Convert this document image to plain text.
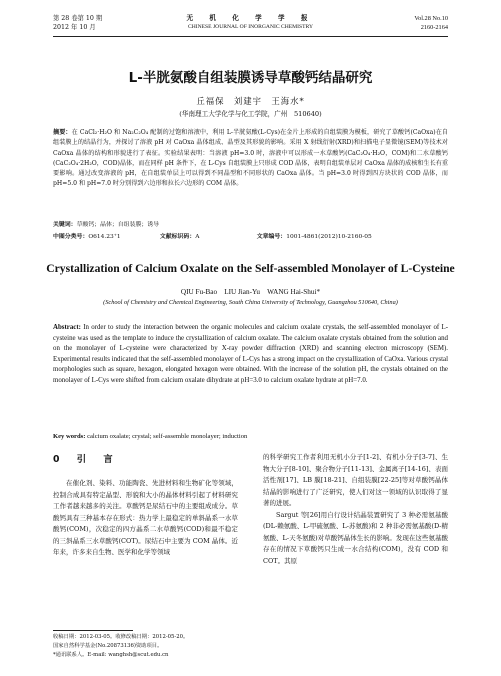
第 28 卷第 10 期
2012 年 10 月
无 机 化 学 学 报
CHINESE JOURNAL OF INORGANIC CHEMISTRY
Vol.28 No.10
2160-2164
L-半胱氨酸自组装膜诱导草酸钙结晶研究
丘福保　刘建宇　王海水*
(华南理工大学化学与化工学院，广州　510640)
摘要：在 CaCl₂·H₂O 和 Na₂C₂O₄ 配制的过饱和溶液中，利用 L-半胱氨酸(L-Cys)在金片上形成的自组装膜为模板，研究了草酸钙(CaOxa)在自组装膜上的结晶行为，并探讨了溶液 pH 对 CaOxa 晶体组成、晶型及其形貌的影响。采用 X 射线衍射(XRD)和扫描电子显微镜(SEM)等技术对 CaOxa 晶体的结构和形貌进行了表征。实验结果表明：当溶液 pH=3.0 时，溶液中可以形成一水草酸钙(CaC₂O₄·H₂O，COM)和二水草酸钙(CaC₂O₄·2H₂O，COD)晶体，而在同样 pH 条件下，在 L-Cys 自组装膜上只形成 COD 晶体，表明自组装单层对 CaOxa 晶体的成核和生长有重要影响。通过改变溶液的 pH，在自组装单层上可以得到不同晶型和不同形状的 CaOxa 晶体。当 pH=3.0 时得到四方块状的 COD 晶体，而 pH=5.0 和 pH=7.0 时分别得到六边形和拉长六边形的 COM 晶体。
关键词：草酸钙；晶体；自组装膜；诱导
中图分类号：O614.23⁺1	文献标识码：A	文章编号：1001-4861(2012)10-2160-05
Crystallization of Calcium Oxalate on the Self-assembled Monolayer of L-Cysteine
QIU Fu-Bao　LIU Jian-Yu　WANG Hai-Shui*
(School of Chemistry and Chemical Engineering, South China University of Technology, Guangzhou 510640, China)
Abstract: In order to study the interaction between the organic molecules and calcium oxalate crystals, the self-assembled monolayer of L-cysteine was used as the template to induce the crystallization of calcium oxalate. The calcium oxalate crystals obtained from the solution and on the monolayer of L-cysteine were characterized by X-ray powder diffraction (XRD) and scanning electron microscopy (SEM). Experimental results indicated that the self-assembled monolayer of L-Cys has a strong impact on the crystallization of CaOxa. Various crystal morphologies such as square, hexagon, elongated hexagon were obtained. With the increase of the solution pH, the crystals obtained on the monolayer of L-Cys were shifted from calcium oxalate dihydrate at pH=3.0 to calcium oxalate hydrate at pH=7.0.
Key words: calcium oxalate; crystal; self-assemble monolayer; induction
0　引　言

在催化剂、染料、功能陶瓷、先进材料和生物矿化等领域，控制合成具有特定晶型、形貌和大小的晶体材料引起了材料研究工作者越来越多的关注。草酸钙是尿结石中的主要组成成分。草酸钙具有三种基本存在形式：热力学上最稳定的单斜晶系一水草酸钙(COM)，次稳定的四方晶系二水草酸钙(COD)和最不稳定的三斜晶系三水草酸钙(COT)。尿结石中主要为 COM 晶体。近年来，许多来自生物、医学和化学等领域

收稿日期：2012-03-05。收修改稿日期：2012-05-20。
国家自然科学基金(No.20873136)资助项目。
*通讯联系人。E-mail: wanghsh@scut.edu.cn

的科学研究工作者利用无机小分子[1-2]、有机小分子[3-7]、生物大分子[8-10]、聚合物分子[11-13]、金属离子[14-16]、表面活性剂[17]、LB 膜[18-21]、自组装膜[22-25]等对草酸钙晶体结晶的影响进行了广泛研究，使人们对这一领域的认识取得了显著的进展。

Sargut 等[26]用自行设计结晶装置研究了 3 种必需氨基酸(DL-赖氨酸、L-甲硫氨酸、L-苏氨酸)和 2 种非必需氨基酸(D-精氨酸、L-天冬氨酸)对草酸钙晶体生长的影响。发现在这些氨基酸存在的情况下草酸钙只生成一水合结构(COM)，没有 COD 和 COT。其原
